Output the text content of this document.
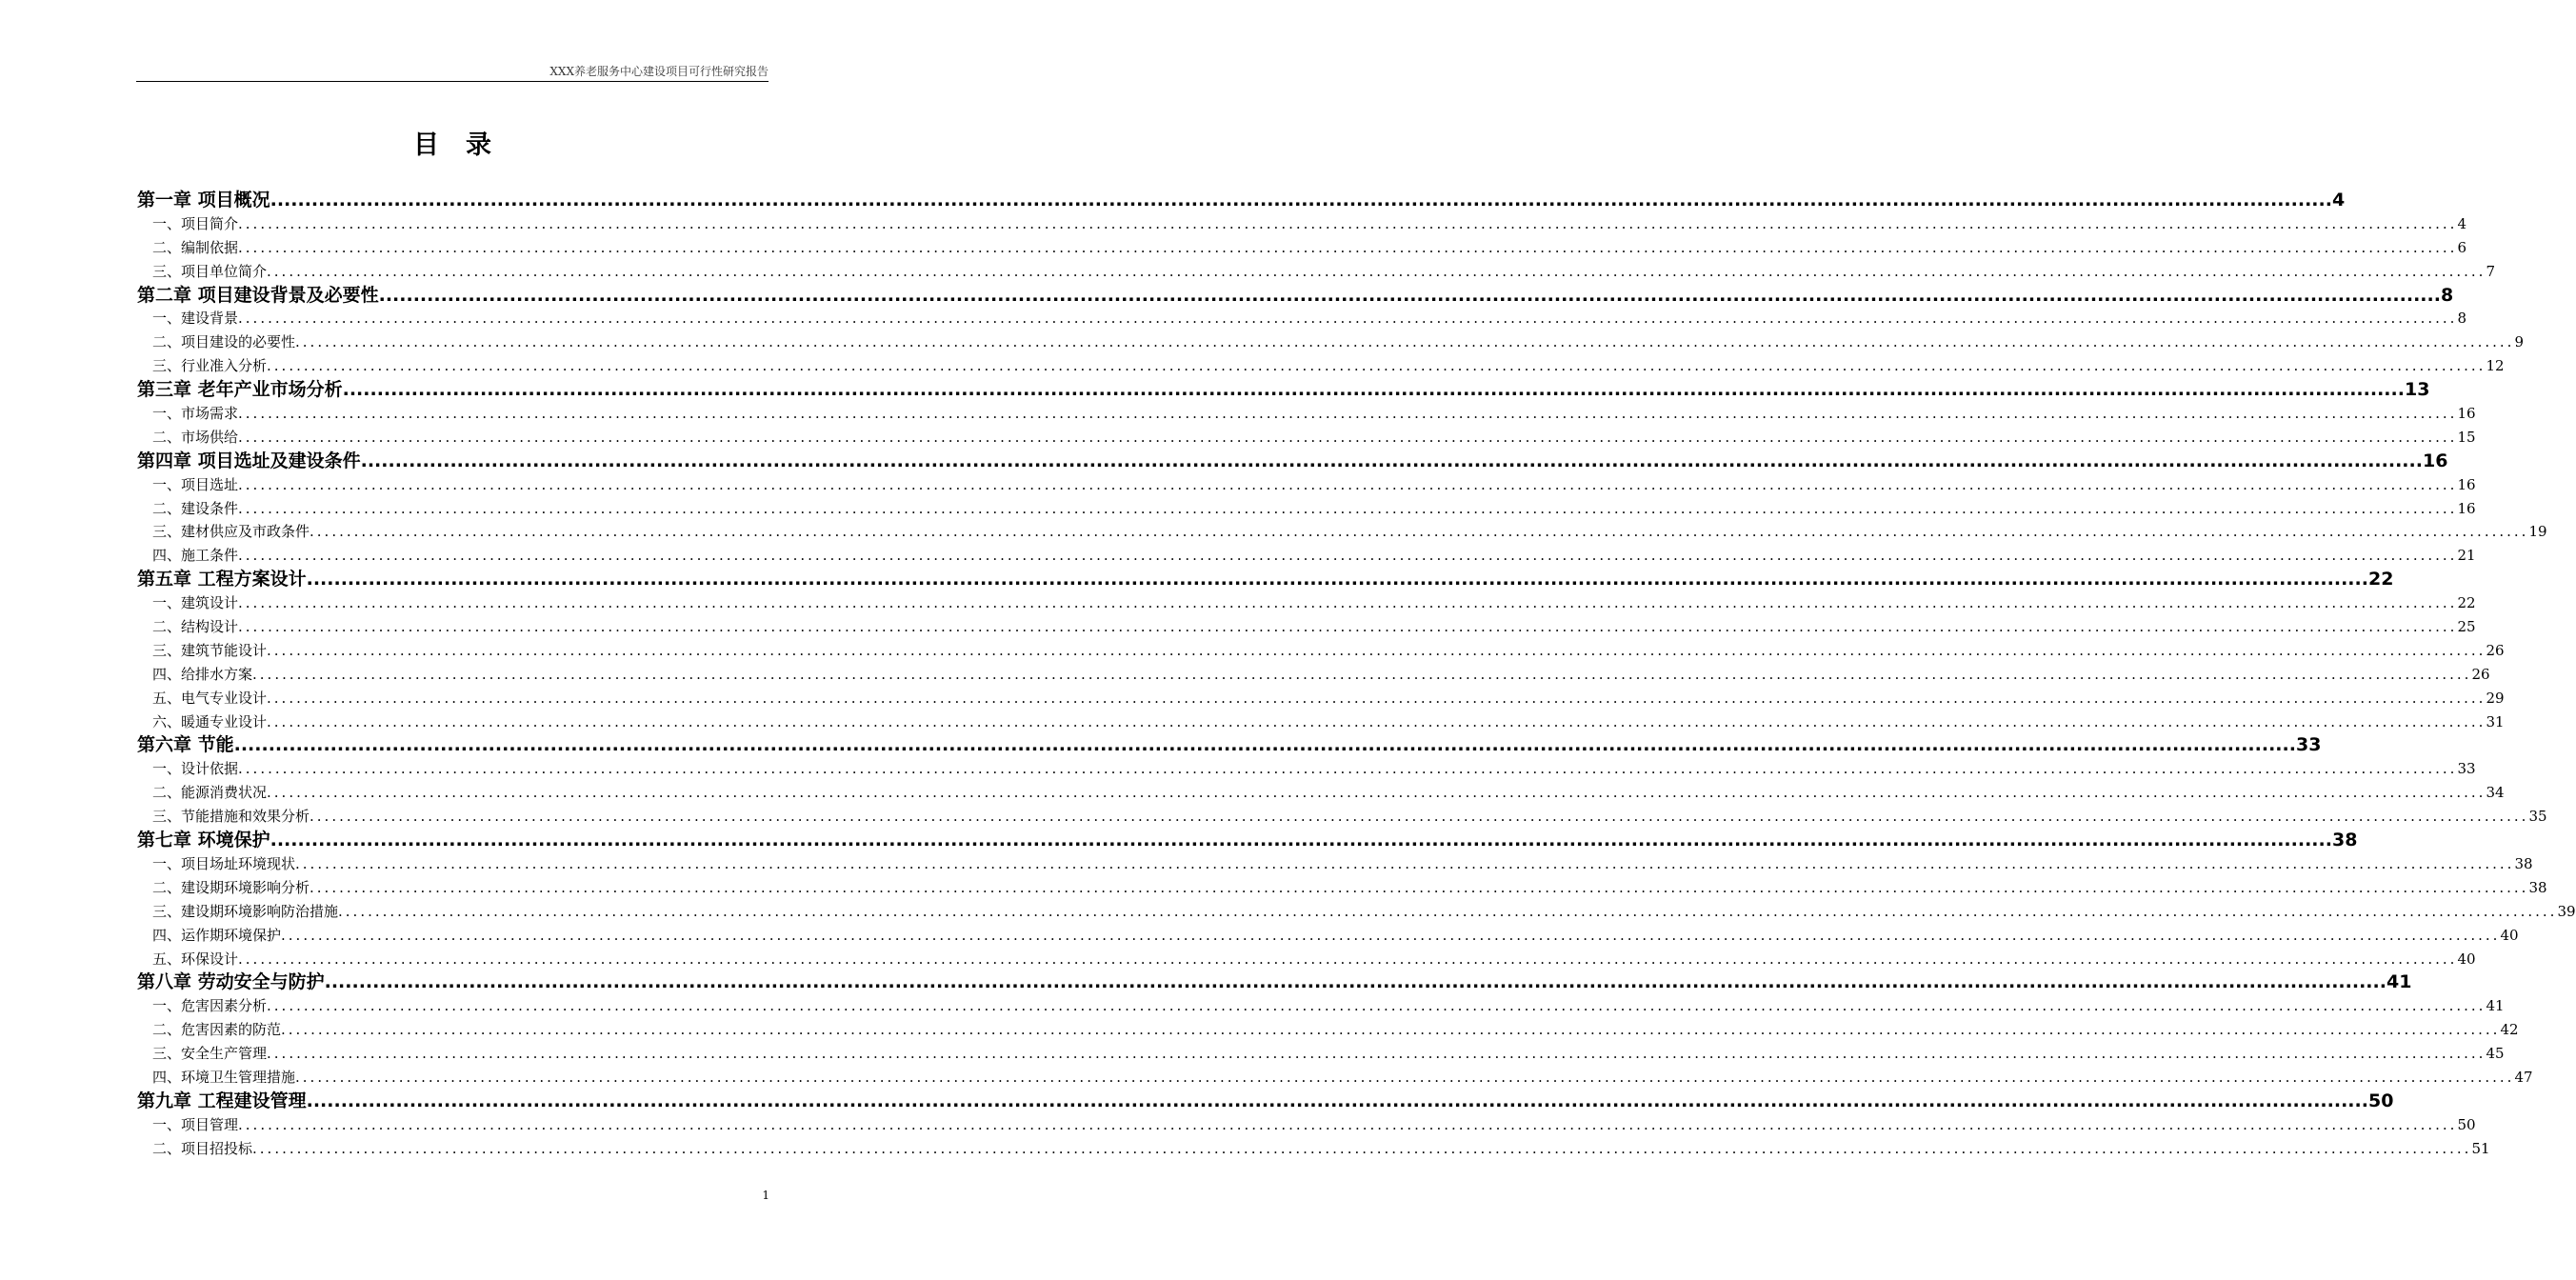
XXX养老服务中心建设项目可行性研究报告
目录
第一章 项目概况 ............................................................................................................................................................................................................................................................................................................ 4
一、项目简介 ............................................................................................................................................................................................................................................................................................................ 4
二、编制依据 ............................................................................................................................................................................................................................................................................................................ 6
三、项目单位简介 ............................................................................................................................................................................................................................................................................................................ 7
第二章 项目建设背景及必要性 ............................................................................................................................................................................................................................................................................................................ 8
一、建设背景 ............................................................................................................................................................................................................................................................................................................ 8
二、项目建设的必要性 ............................................................................................................................................................................................................................................................................................................ 9
三、行业准入分析 ............................................................................................................................................................................................................................................................................................................ 12
第三章 老年产业市场分析 ............................................................................................................................................................................................................................................................................................................ 13
一、市场需求 ............................................................................................................................................................................................................................................................................................................ 16
二、市场供给 ............................................................................................................................................................................................................................................................................................................ 15
第四章 项目选址及建设条件 ............................................................................................................................................................................................................................................................................................................ 16
一、项目选址 ............................................................................................................................................................................................................................................................................................................ 16
二、建设条件 ............................................................................................................................................................................................................................................................................................................ 16
三、建材供应及市政条件 ............................................................................................................................................................................................................................................................................................................ 19
四、施工条件 ............................................................................................................................................................................................................................................................................................................ 21
第五章 工程方案设计 ............................................................................................................................................................................................................................................................................................................ 22
一、建筑设计 ............................................................................................................................................................................................................................................................................................................ 22
二、结构设计 ............................................................................................................................................................................................................................................................................................................ 25
三、建筑节能设计 ............................................................................................................................................................................................................................................................................................................ 26
四、给排水方案 ............................................................................................................................................................................................................................................................................................................ 26
五、电气专业设计 ............................................................................................................................................................................................................................................................................................................ 29
六、暖通专业设计 ............................................................................................................................................................................................................................................................................................................ 31
第六章 节能 ............................................................................................................................................................................................................................................................................................................ 33
一、设计依据 ............................................................................................................................................................................................................................................................................................................ 33
二、能源消费状况 ............................................................................................................................................................................................................................................................................................................ 34
三、节能措施和效果分析 ............................................................................................................................................................................................................................................................................................................ 35
第七章 环境保护 ............................................................................................................................................................................................................................................................................................................ 38
一、项目场址环境现状 ............................................................................................................................................................................................................................................................................................................ 38
二、建设期环境影响分析 ............................................................................................................................................................................................................................................................................................................ 38
三、建设期环境影响防治措施 ............................................................................................................................................................................................................................................................................................................ 39
四、运作期环境保护 ............................................................................................................................................................................................................................................................................................................ 40
五、环保设计 ............................................................................................................................................................................................................................................................................................................ 40
第八章 劳动安全与防护 ............................................................................................................................................................................................................................................................................................................ 41
一、危害因素分析 ............................................................................................................................................................................................................................................................................................................ 41
二、危害因素的防范 ............................................................................................................................................................................................................................................................................................................ 42
三、安全生产管理 ............................................................................................................................................................................................................................................................................................................ 45
四、环境卫生管理措施 ............................................................................................................................................................................................................................................................................................................ 47
第九章 工程建设管理 ............................................................................................................................................................................................................................................................................................................ 50
一、项目管理 ............................................................................................................................................................................................................................................................................................................ 50
二、项目招投标 ............................................................................................................................................................................................................................................................................................................ 51
1
